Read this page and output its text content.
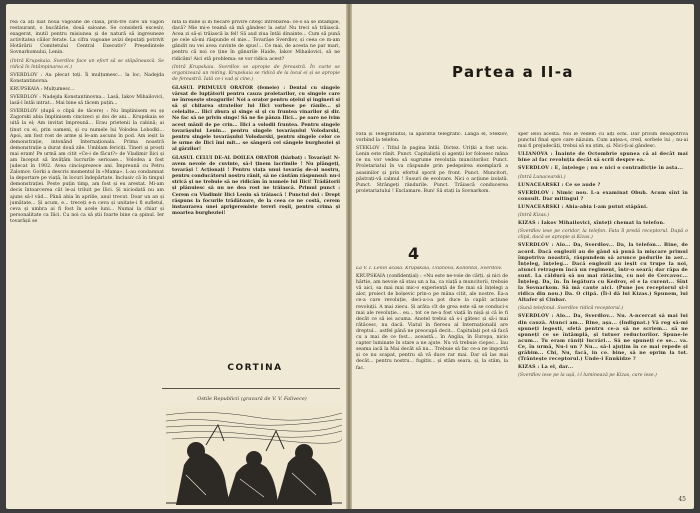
rea ca ați luat nouă vagoane de clasă, prin-tre care un vagon restaurant, o bucătărie, două saloane. Se consideră excesiv, exagerat, inutil pentru misiunea și de natură să ingreuneze activitatea căilor ferate. La cifra vagoane avizi deputați potrivit Hotărârii Comitetului Central Executiv? Președintele Sovnarkomului, Lenin.

(Intră Krupskaia. Sverdlov face un efort să se stăpânească. Se ridică în întâmpinarea ei.)

SVERDLOV : Au plecat toți. Îi mulțumesc... la loc, Nadejda Konstantinovna.

KRUPSKAIA : Mulțumesc...

SVERDLOV : Nadejda Konstantinovna... Lasă, Iakov Mihailovici, lasă-l întâi intrat... Mai bine să tăcem puțin...

SVERDLOV (după o clipă de tăcere) : Nu împlinisem eu șș Zagorski abia împlinisem cincizeci și doi de ani... Krupskaia se uită la el; Am invitat împreună... Erau prietenii la cabină; ai ținut cu ei, prin oameni, și cu numele lui Volodea Lobodki... Apoi, am fost rost de arme și le-am ascuns în pod. Am ieșit la demonstrație, intonând Internaționala. Prima noastră demonstrație a durat două zile. Umblam fericiți. Tineri și proști mai eram! Pe urmă am citit «Ce-i de făcut?» de Vladimir Ilici și am început să învățăm lucrurile serioase... Volodea a fost judecat în 1902. Avea cincisprezece ani. Împreună cu Petru Zalomov. Gorki a descris momentul în «Mama». L-au condamnat la deportare pe viață, în locuri îndepărtate. Inclusiv că în timpul demonstrației. Peste puțin timp, am fost și eu arestat. Mi-am decis întoarcerea cât le-ai triluit pe Ilici. Și niciodată nu am ajuns să-l văd... Până abia în aprilie, anul trecut. Doar un an și jumătate... Și acum, e... treceți e-n ceva și unitate-i fi sufletul, ceva și umbra ai fi fost în acele luni... Numai la chiar și personalitate ca Ilici. Cu noi ca să știi foarte bine ca șpinul. Ier tovarășii se

nită la mine și în fiecare privire citeşc întrebarea: ce-o să se întâmple, dacă? Mie mi-e teamă să mă gândesc la asta! Nu treci să trăiască. Acea zi să-și trăiască la fel! Să aud ziua întâi dinainte... Cum să pună pe cele să-mi răspunde el mie... Tovarășe Sverdlov, și ceea ce m-am gândit nu vei avea cuvinte de spus!... Ce mai, de acesta ne par mari, pentru că noi ce ține în gânurile Haide, Iakov Mihailovici, să ne ridicăm! Aici stă problema: se vor ridica acest?

(Intră Krupskaia. Sverdlov se apropie de fereastră. În curte se organizează un miting. Krupskaia se ridică de la locul ei și se apropie de fereastră. Iată ce-i vad și cine.)

GLASUL PRIMULUI ORATOR (femeie) : Dental cu singele vărsat de lupțătorii pentru cauza proletarilor, cu singele care ne înroșește steagurile! Noi a orațor pentru oțelul și ingineri si să și chitarea strateilor lui Ilici vorbese pe rănile... și celelalte... Ilici zbura și singe si și cu fruntea vinarilor și dir. Ne fac să ne privin singe! Să ne fie pânza Ilici... pe oare ne ivim acest mânii de pe crin... Ilici a volodii fruntea. Pentru singele tovarășului Lenin... pentru singele tovarășului Volodarski, pentru singele tovarășului Volodarski, pentru singele celor ce le urme de Ilici îmi mit... se sângeră cel sângele burgheziei și al gărzilor!

GLASUL CELUI DE-AL DOILEA ORATOR (bărbat) : Tovarăși! N-avem nevoie de cuvinte, să-l ținem lacrimile ! Nu plângeți, tovarăși ! Acționați ! Pentru viața unui tovarăș de-al nostru, pentru conducătorul nostru rănit, să ne căutăm răspunsul: nu-i strică și ne trebuie să ne ridicăm în numele lui Ilici! Trădătorii și plănuiesc să nu ne dea rost ne trăiască. Primul punct : Cerem cu Vladimir Ilici Lenin să trăiască ! Punctul doi : Drept răspuns la focurile trădătoare, de la ceea ce ne costă, cerem instaurarea unei aprigeremiste tereri roșii, pentru crima și moartea burgheziei!

CORTINA
Ostile Republicii (gravură de V. V. Falivece)

Fata și Telegrafuitul, la aparatul telegrafic. Lângă el, Steklov, vorbind la telefon.

STEKLOV : Titlul în pagina întâi. Dictez. Urițki a fost ucis. Lenin este rănit. Punct. Capitaliștii și agenții lor folosesc mâna ce nu vor vedea să sugrume revoluția muncitorilor. Punct. Proletariatul în va răspunde prin pedepsirea exemplară a asasinilor și prin efortul sporit pe front. Punct. Muncitori, păstrați-vă calmul ! Susuri de evolvare. Nici o acțiune izolată. Punct. Străngeți rândurile. Punct. Trăiască conducerea proletariatului ! Exclamare. Bun! Să stați la Sovnarkom.

4

La V. I. Lenin acasă. Krupskaia, Ulianova, Kollontai, Sverdlov.

KRUPSKAIA (confidențial) : «Nu este ne-voie de cărți, și nici de hârtie, am nevoie să stau un a ha, ca viață a muncitorii, trebuie vă aici, sa mai mai mic-o experiență de fie mai să înțelegi a alor, proiect de bolșevic prin-o pe mâna citit, ale nostre. Ea-a ce-a care revoluție, deci-a-i-a pot duce la capăt acțiune revoluții. A mai ziecu. Și arăta cît de grea este să se conduci-s mai ale revoluție... eu... tot ce ne-a fost viață în nișă și că le fi decât ce să iei acuma. Anotel trebui să s-i gătesc și să-i mai rătăcesc, nu dacă. Viatul în fieresu al Internaționalii are dreptul... astfel până ne preocupă decit... Capitulați pot să facă cu a mai de ce fost... această... în Anglia, în Europa, nicio capter luminate în stare a ne ajute. Nu vă trebuie ciopoc... Iau seama iacă la Mai decât să nu... Trebuie să fac ce-a ne importă și ce nu scapat, pentru să vă duce rar mai. Dar să las mai decât... pentru nostru... fugitiv... și stăm seara, și, la stăm, la fac.

sper ieloi acesta. Noi le vedem cu alți ochi. Dar privim deoapotrivă punctul final spre care năzuim. Cum aațea-s, cred, sorbele lui ; nu-ai mai fi prejudecăți, trebui să nu știm, și. Nici-ți-ai gândesc.

ULIANOVA : Înainte de Octombrie spunea că ai decât mai bine al fac revoluția decât să scrii despre ea.

SVERDLOV : E, înțelege ; nu e nici o contradicție în asta...

(Intră Lunacearski.)

LUNACEARSKI : Ce se aude ?

SVERDLOV : Nimic nou. L-a examinat Obuh. Acum sînt în consult. Dar mitingul ?

LUNACEARSKI : Abia-abia l-am putut stăpâni.

(Intră Kizas.)

KIZAS : Iakov Mihailovici, sînteți chemat la telefon.

(Sverdlov iese pe coridor, la telefon. Fata îl predă receptorul. După o clipă, dacă se apropie și Kizas.)

SVERDLOV : Alo... Da, Sverdlov... Da, la telefon... Bine, de acord. Dacă englezii au de gând să pună la mișcare primul împotriva noastră, răspundem să arunce podurile in aer... Înțeleg, înțeleg... Dacă englezii au ieșit cu trupe la noi, atunci retragem încă un regiment, într-o seară; dar răpa de sunt. La căldură să nu mai rătăcim, cu noi de Cercavoc... Înțeleg. Da, în. În legătura cu Kedrov, el e la curent... Sînt la Sovnarkom. Să mă caute aici. (Pune jos receptorul și-l ridica din nou.) Da. O clipă. (Îi-l dă lui Kizas.) Spunem, lui Altafer și Cinbar.

(Sună telefonul. Sverdlov ridică receptorul.)

SVERDLOV : Alo... Da, Sverdlov... Nu. A-ncercat să mai lui din cauză. Atunci am... Bine, așa... (Indignat.) Vă rog să-mi spuneți legesti, sfetă pentru ce-a să ne scriem... să ne spuneți ce se întâmplă, și tutuer reductorilor. Spune-le acum... Tu eram răniți lucrări... Să ne spuneți ce se... va. Ce, în urmă, Nu-i un ? Nu... să-l ajuțim în ce mai repede și grăbim... Chi, Nu, facă, in ce. bine, să ne oprim la tot. (Trântește receptorul.) Unde-i Enukidze ?

KIZAS : La el, dar...

(Sverdlov iese pe la ușă, i-l luminează pe Kizas, care iese.)

45
Partea a II-a
